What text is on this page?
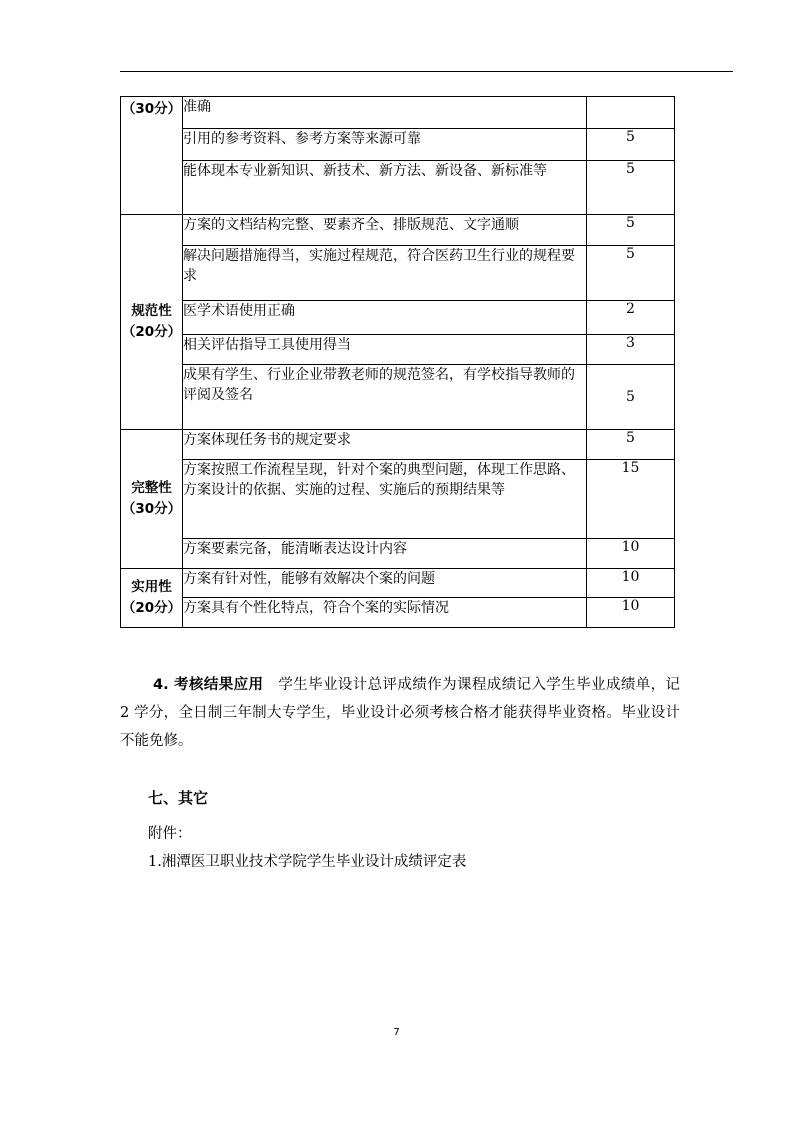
（30分）	准确	
	引用的参考资料、参考方案等来源可靠	5
	能体现本专业新知识、新技术、新方法、新设备、新标准等	5

规范性
（20分）	方案的文档结构完整、要素齐全、排版规范、文字通顺	5
	解决问题措施得当，实施过程规范，符合医药卫生行业的规程要求	5
	医学术语使用正确	2
	相关评估指导工具使用得当	3
	成果有学生、行业企业带教老师的规范签名，有学校指导教师的评阅及签名	5

完整性
（30分）	方案体现任务书的规定要求	5
	方案按照工作流程呈现，针对个案的典型问题，体现工作思路、方案设计的依据、实施的过程、实施后的预期结果等	15
	方案要素完备，能清晰表达设计内容	10

实用性
（20分）	方案有针对性，能够有效解决个案的问题	10
	方案具有个性化特点，符合个案的实际情况	10
4. 考核结果应用　 学生毕业设计总评成绩作为课程成绩记入学生毕业成绩单，记 2 学分，全日制三年制大专学生，毕业设计必须考核合格才能获得毕业资格。毕业设计不能免修。
七、其它
附件：
1.湘潭医卫职业技术学院学生毕业设计成绩评定表
7
